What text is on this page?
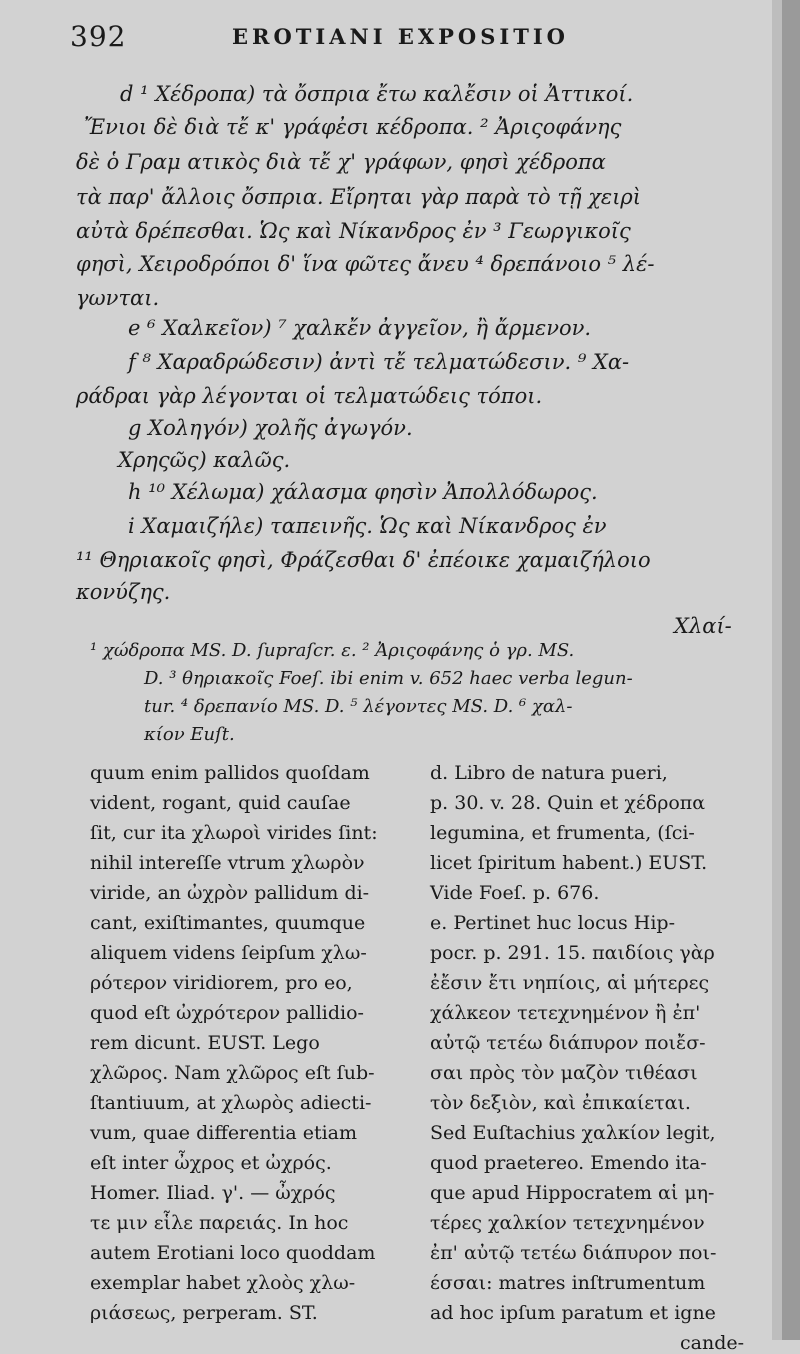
392	EROTIANI EXPOSITIO
d ¹ Χέδροπα) τὰ ὄσπρια ἔτω καλἔσιν οἱ Ἀττικοί.
Ἔνιοι δὲ διὰ τἔ κ' γράφἐσι κέδροπα. ² Ἀριςοφάνης
δὲ ὁ Γραμ ατικὸς διὰ τἔ χ' γράφων, φησὶ χέδροπα
τὰ παρ' ἄλλοις ὄσπρια. Εἴρηται γὰρ παρὰ τὸ τῇ χειρὶ
αὐτὰ δρέπεσθαι. Ὡς καὶ Νίκανδρος ἐν ³ Γεωργικοῖς
φησὶ, Χειροδρόποι δ' ἵνα φῶτες ἄνευ ⁴ δρεπάνοιο ⁵ λέ-
γωνται.
e ⁶ Χαλκεῖον) ⁷ χαλκἔν ἀγγεῖον, ἢ ἄρμενον.
f ⁸ Χαραδρώδεσιν) ἀντὶ τἔ τελματώδεσιν. ⁹ Χα-
ράδραι γὰρ λέγονται οἱ τελματώδεις τόποι.
g Χοληγόν) χολῆς ἀγωγόν.
Χρηςῶς) καλῶς.
h ¹⁰ Χέλωμα) χάλασμα φησὶν Ἀπολλόδωρος.
i Χαμαιζήλε) ταπεινῆς. Ὡς καὶ Νίκανδρος ἐν
¹¹ Θηριακοῖς φησὶ, Φράζεσθαι δ' ἐπέοικε χαμαιζήλοιο
κονύζης.
Χλαί-
¹ χώδροπα MS. D. ſupraſcr. ε. ² Ἀριςοφάνης ὁ γρ. MS.
D. ³ θηριακοῖς Foeſ. ibi enim v. 652 haec verba legun-
tur. ⁴ δρεπανίο MS. D. ⁵ λέγοντες MS. D. ⁶ χαλ-
κίον Euſt.
quum enim pallidos quoſdam
vident, rogant, quid cauſae
ſit, cur ita χλωροὶ virides ſint:
nihil intereſſe vtrum χλωρὸν
viride, an ὠχρὸν pallidum di-
cant, exiſtimantes, quumque
aliquem videns ſeipſum χλω-
ρότερον viridiorem, pro eo,
quod eſt ὠχρότερον pallidio-
rem dicunt. EUST. Lego
χλῶρος. Nam χλῶρος eſt ſub-
ſtantiuum, at χλωρὸς adiecti-
vum, quae differentia etiam
eſt inter ὦχρος et ὠχρός.
Homer. Iliad. γ'. — ὦχρός
τε μιν εἷλε παρειάς. In hoc
autem Erotiani loco quoddam
exemplar habet χλοὸς χλω-
ριάσεως, perperam. ST.
d. Libro de natura pueri,
p. 30. v. 28. Quin et χέδροπα
legumina, et frumenta, (ſci-
licet ſpiritum habent.) EUST.
Vide Foeſ. p. 676.
e. Pertinet huc locus Hip-
pocr. p. 291. 15. παιδίοις γὰρ
ἐἔσιν ἔτι νηπίοις, αἱ μήτερες
χάλκεον τετεχνημένον ἢ ἐπ'
αὐτῷ τετέω διάπυρον ποιἔσ-
σαι πρὸς τὸν μαζὸν τιθέασι
τὸν δεξιὸν, καὶ ἐπικαίεται.
Sed Euſtachius χαλκίον legit,
quod praetereo. Emendo ita-
que apud Hippocratem αἱ μη-
τέρες χαλκίον τετεχνημένον
ἐπ' αὐτῷ τετέω διάπυρον ποι-
έσσαι: matres inſtrumentum
ad hoc ipſum paratum et igne
cande-
